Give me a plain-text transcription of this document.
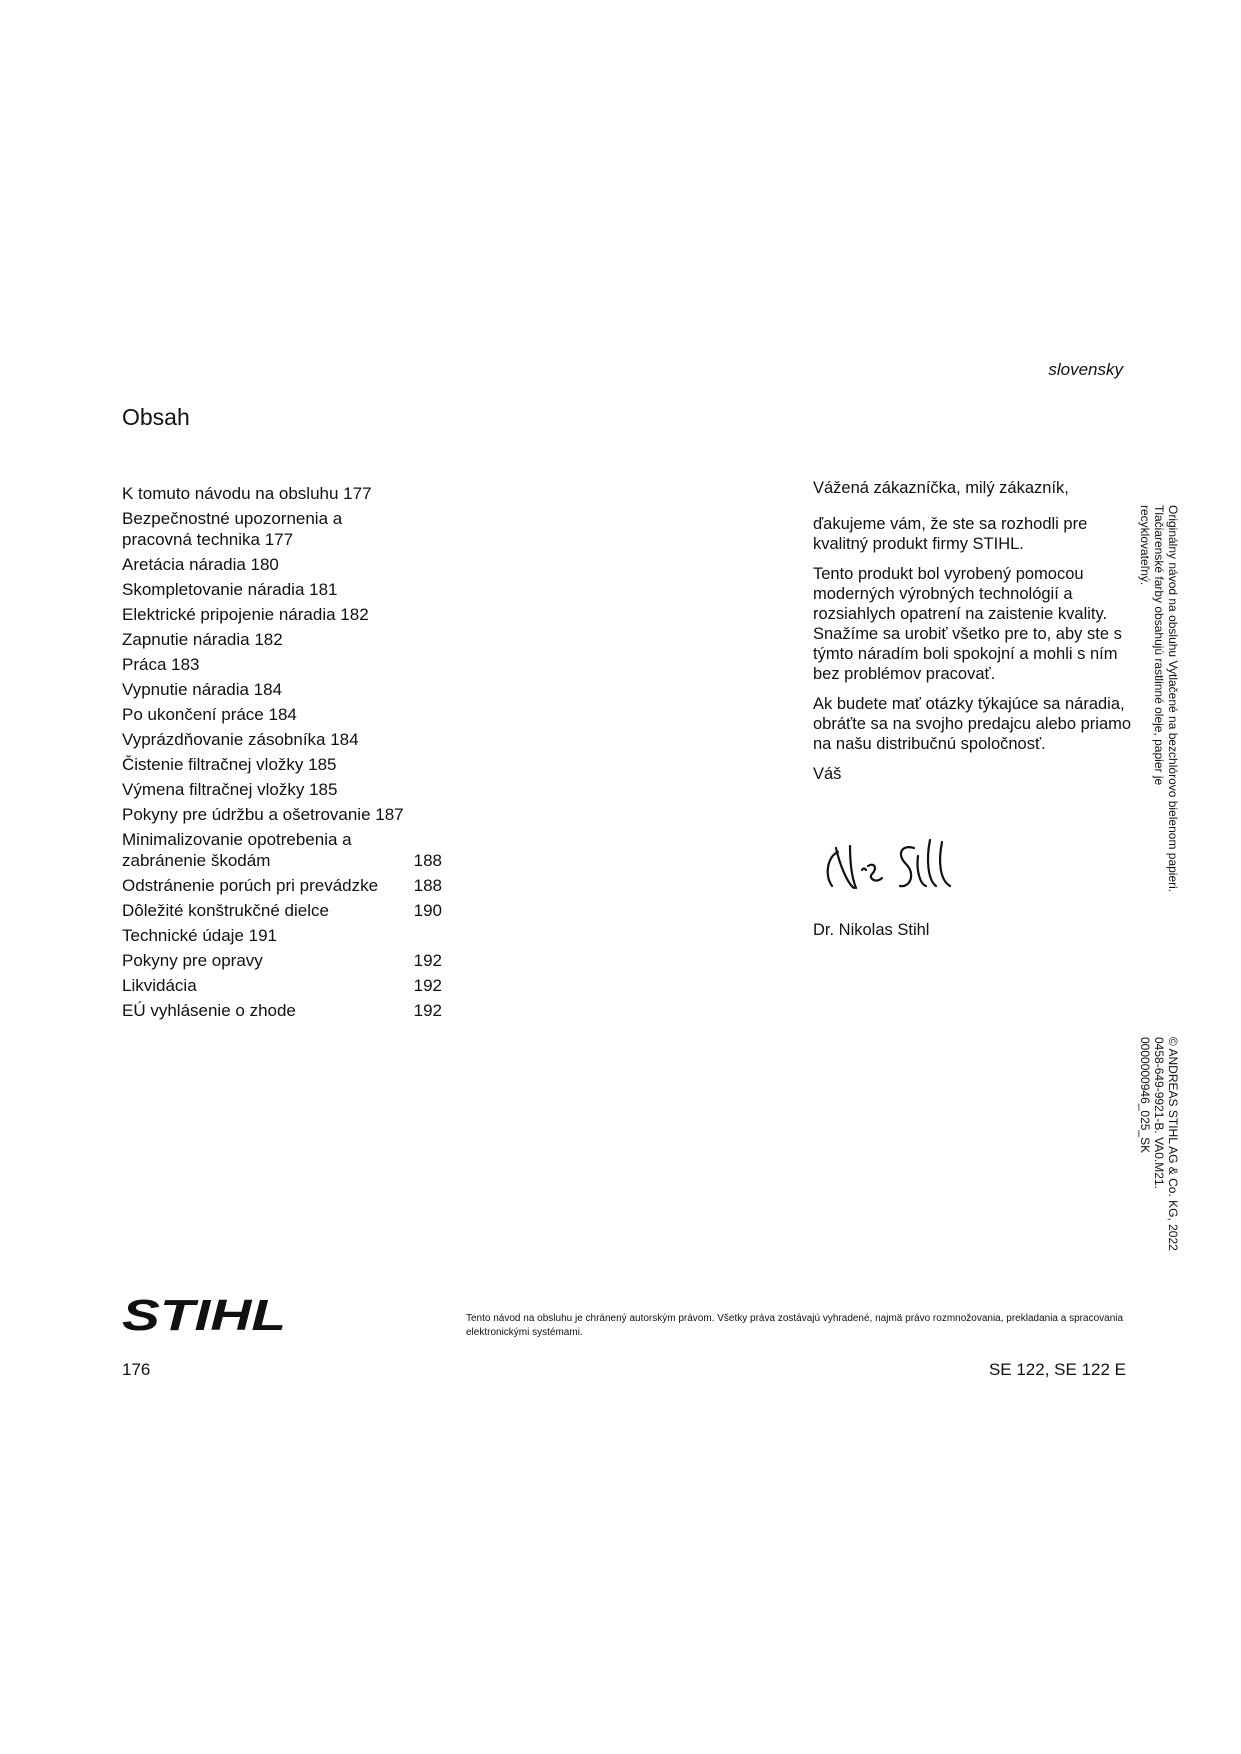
slovensky
Obsah
K tomuto návodu na obsluhu 177
Bezpečnostné upozornenia a pracovná technika 177
Aretácia náradia 180
Skompletovanie náradia 181
Elektrické pripojenie náradia 182
Zapnutie náradia 182
Práca 183
Vypnutie náradia 184
Po ukončení práce 184
Vyprázdňovanie zásobníka 184
Čistenie filtračnej vložky 185
Výmena filtračnej vložky 185
Pokyny pre údržbu a ošetrovanie 187
Minimalizovanie opotrebenia a zabránenie škodám	188
Odstránenie porúch pri prevádzke	188
Dôležité konštrukčné dielce	190
Technické údaje 191
Pokyny pre opravy	192
Likvidácia	192
EÚ vyhlásenie o zhode	192

Vážená zákazníčka, milý zákazník,

ďakujeme vám, že ste sa rozhodli pre kvalitný produkt firmy STIHL.

Tento produkt bol vyrobený pomocou moderných výrobných technológií a rozsiahlych opatrení na zaistenie kvality. Snažíme sa urobiť všetko pre to, aby ste s týmto náradím boli spokojní a mohli s ním bez problémov pracovať.

Ak budete mať otázky týkajúce sa náradia, obráťte sa na svojho predajcu alebo priamo na našu distribučnú spoločnosť.

Váš

Dr. Nikolas Stihl
Originálny návod na obsluhu Vytlačené na bezchlórovo bielenom papieri.
Tlačiarenské farby obsahujú rastlinné oleje, papier je
recyklovateľný.
© ANDREAS STIHL AG & Co. KG, 2022
0458-649-9921-B. VA0.M21.
0000000946_025_SK
STIHL	Tento návod na obsluhu je chránený autorským právom. Všetky práva zostávajú vyhradené, najmä právo rozmnožovania, prekladania a spracovania elektronickými systémami.
176	SE 122, SE 122 E
